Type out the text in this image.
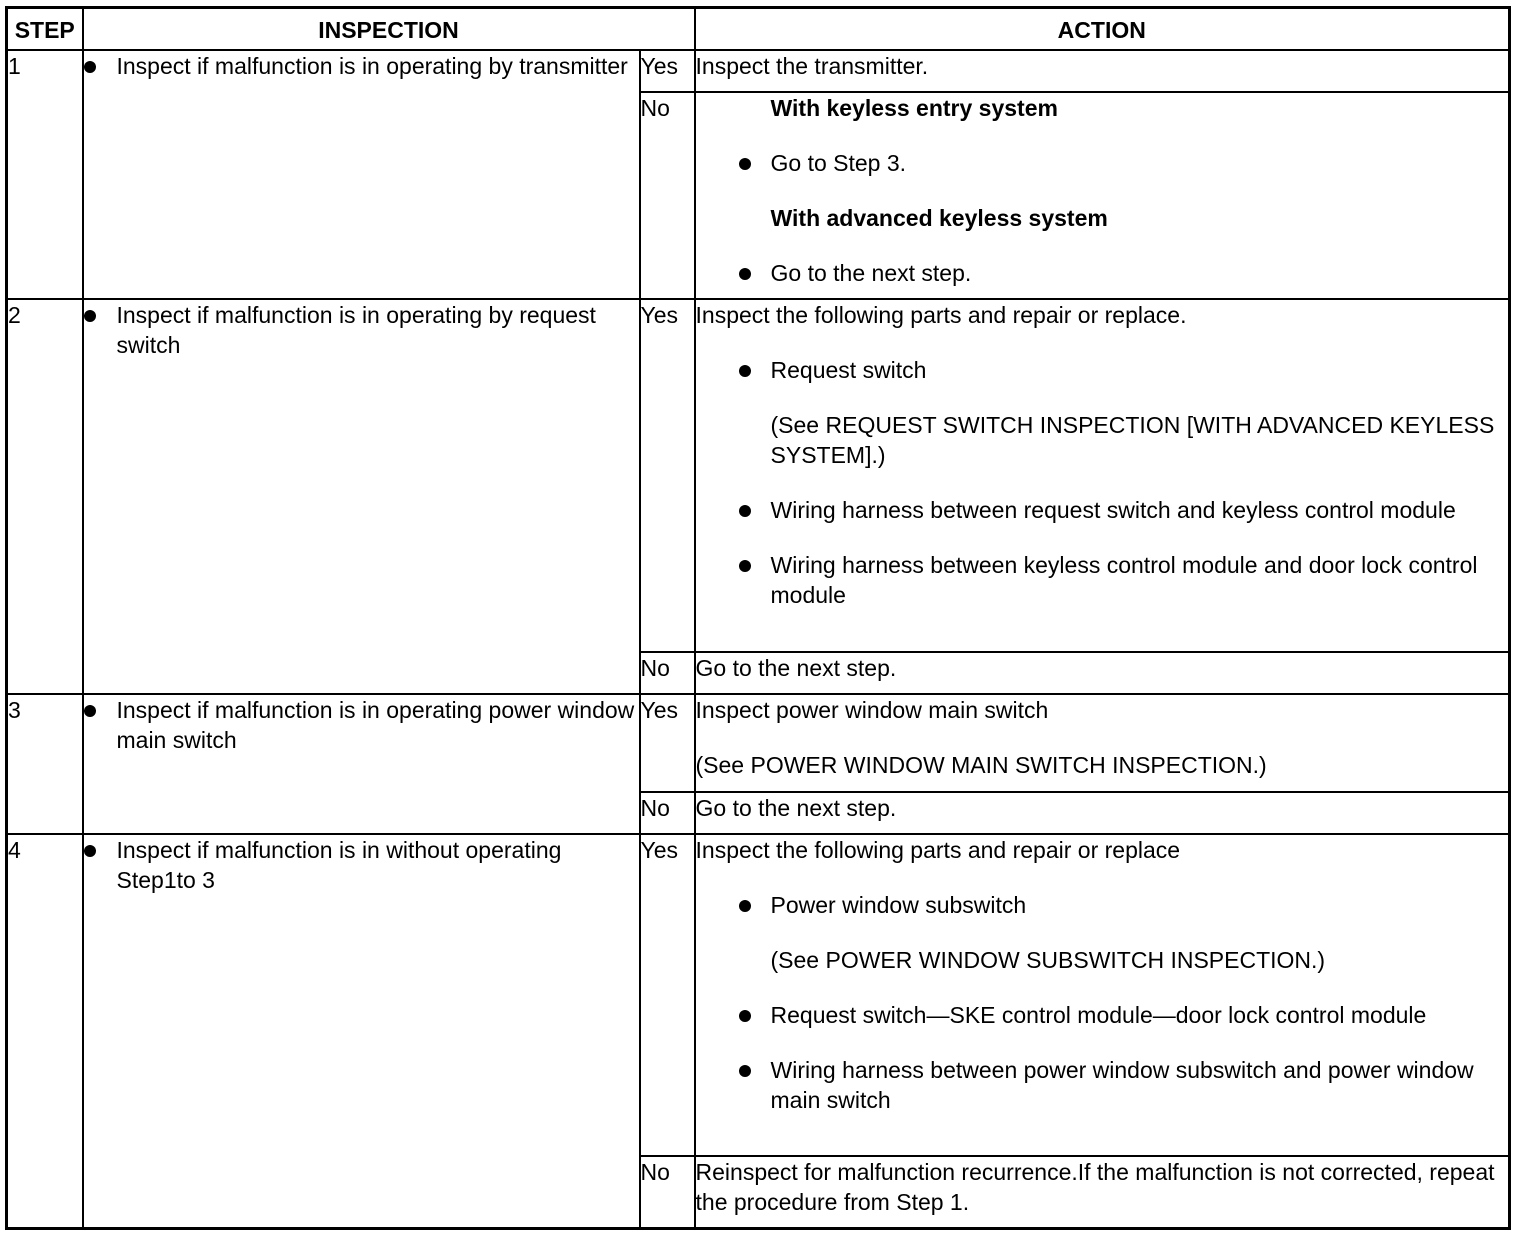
STEP	INSPECTION		ACTION
1	Inspect if malfunction is in operating by transmitter	Yes	Inspect the transmitter.

		No	With keyless entry system
Go to Step 3.
With advanced keyless system
Go to the next step.

2	Inspect if malfunction is in operating by request switch	Yes	Inspect the following parts and repair or replace.
Request switch
(See REQUEST SWITCH INSPECTION [WITH ADVANCED KEYLESS SYSTEM].)
Wiring harness between request switch and keyless control module
Wiring harness between keyless control module and door lock control module

		No	Go to the next step.

3	Inspect if malfunction is in operating power window main switch	Yes	Inspect power window main switch
(See POWER WINDOW MAIN SWITCH INSPECTION.)

		No	Go to the next step.

4	Inspect if malfunction is in without operating Step1to 3	Yes	Inspect the following parts and repair or replace
Power window subswitch
(See POWER WINDOW SUBSWITCH INSPECTION.)
Request switch—SKE control module—door lock control module
Wiring harness between power window subswitch and power window main switch

		No	Reinspect for malfunction recurrence.If the malfunction is not corrected, repeat the procedure from Step 1.
